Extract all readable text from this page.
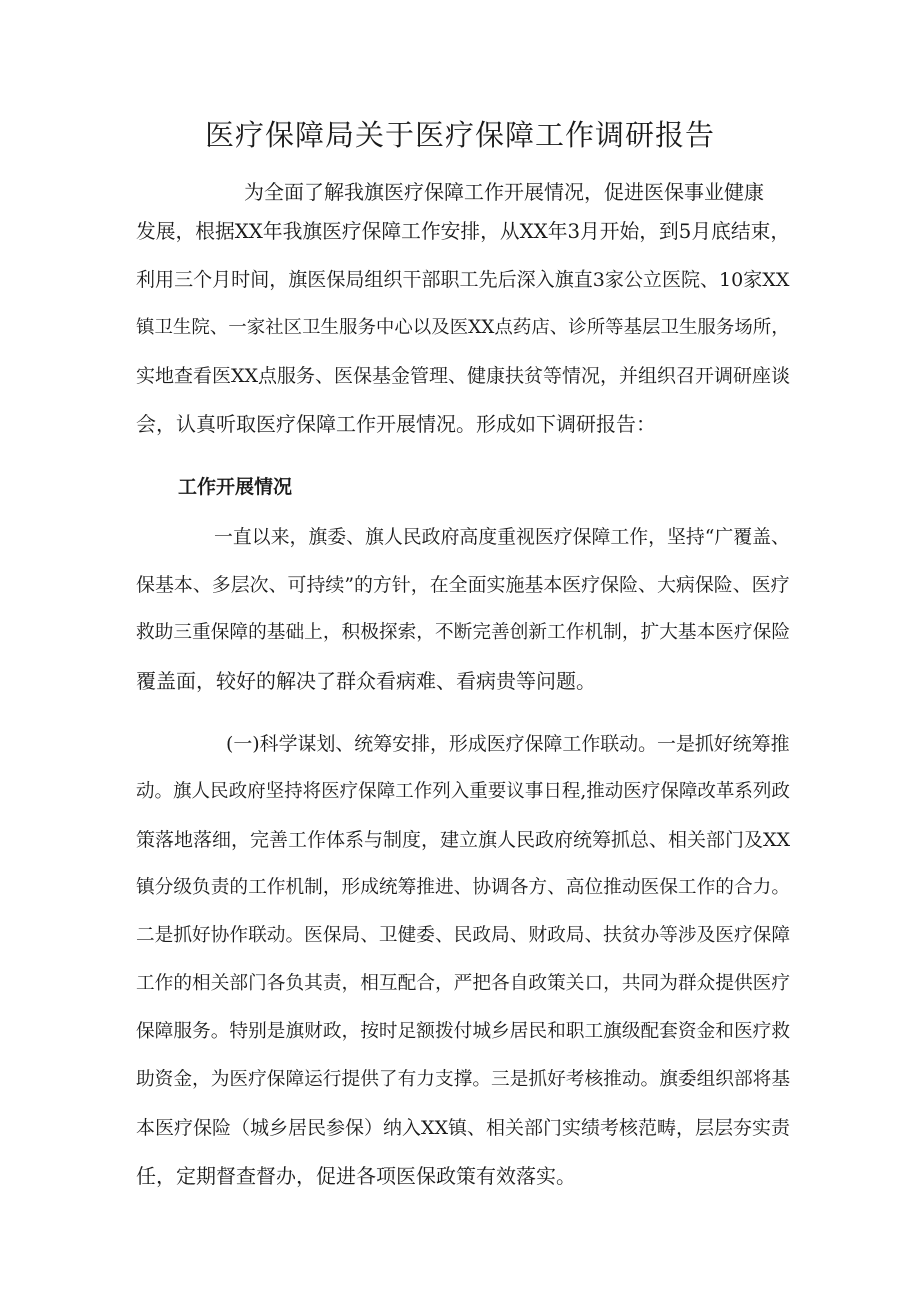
医疗保障局关于医疗保障工作调研报告
为全面了解我旗医疗保障工作开展情况，促进医保事业健康
发展，根据XX年我旗医疗保障工作安排，从XX年3月开始，到5月底结束，
利用三个月时间，旗医保局组织干部职工先后深入旗直3家公立医院、10家XX
镇卫生院、一家社区卫生服务中心以及医XX点药店、诊所等基层卫生服务场所，
实地查看医XX点服务、医保基金管理、健康扶贫等情况，并组织召开调研座谈
会，认真听取医疗保障工作开展情况。形成如下调研报告：
工作开展情况
一直以来，旗委、旗人民政府高度重视医疗保障工作，坚持“广覆盖、
保基本、多层次、可持续”的方针，在全面实施基本医疗保险、大病保险、医疗
救助三重保障的基础上，积极探索，不断完善创新工作机制，扩大基本医疗保险
覆盖面，较好的解决了群众看病难、看病贵等问题。
(一)科学谋划、统筹安排，形成医疗保障工作联动。一是抓好统筹推
动。旗人民政府坚持将医疗保障工作列入重要议事日程,推动医疗保障改革系列政
策落地落细，完善工作体系与制度，建立旗人民政府统筹抓总、相关部门及XX
镇分级负责的工作机制，形成统筹推进、协调各方、高位推动医保工作的合力。
二是抓好协作联动。医保局、卫健委、民政局、财政局、扶贫办等涉及医疗保障
工作的相关部门各负其责，相互配合，严把各自政策关口，共同为群众提供医疗
保障服务。特别是旗财政，按时足额拨付城乡居民和职工旗级配套资金和医疗救
助资金，为医疗保障运行提供了有力支撑。三是抓好考核推动。旗委组织部将基
本医疗保险（城乡居民参保）纳入XX镇、相关部门实绩考核范畴，层层夯实责
任，定期督查督办，促进各项医保政策有效落实。
